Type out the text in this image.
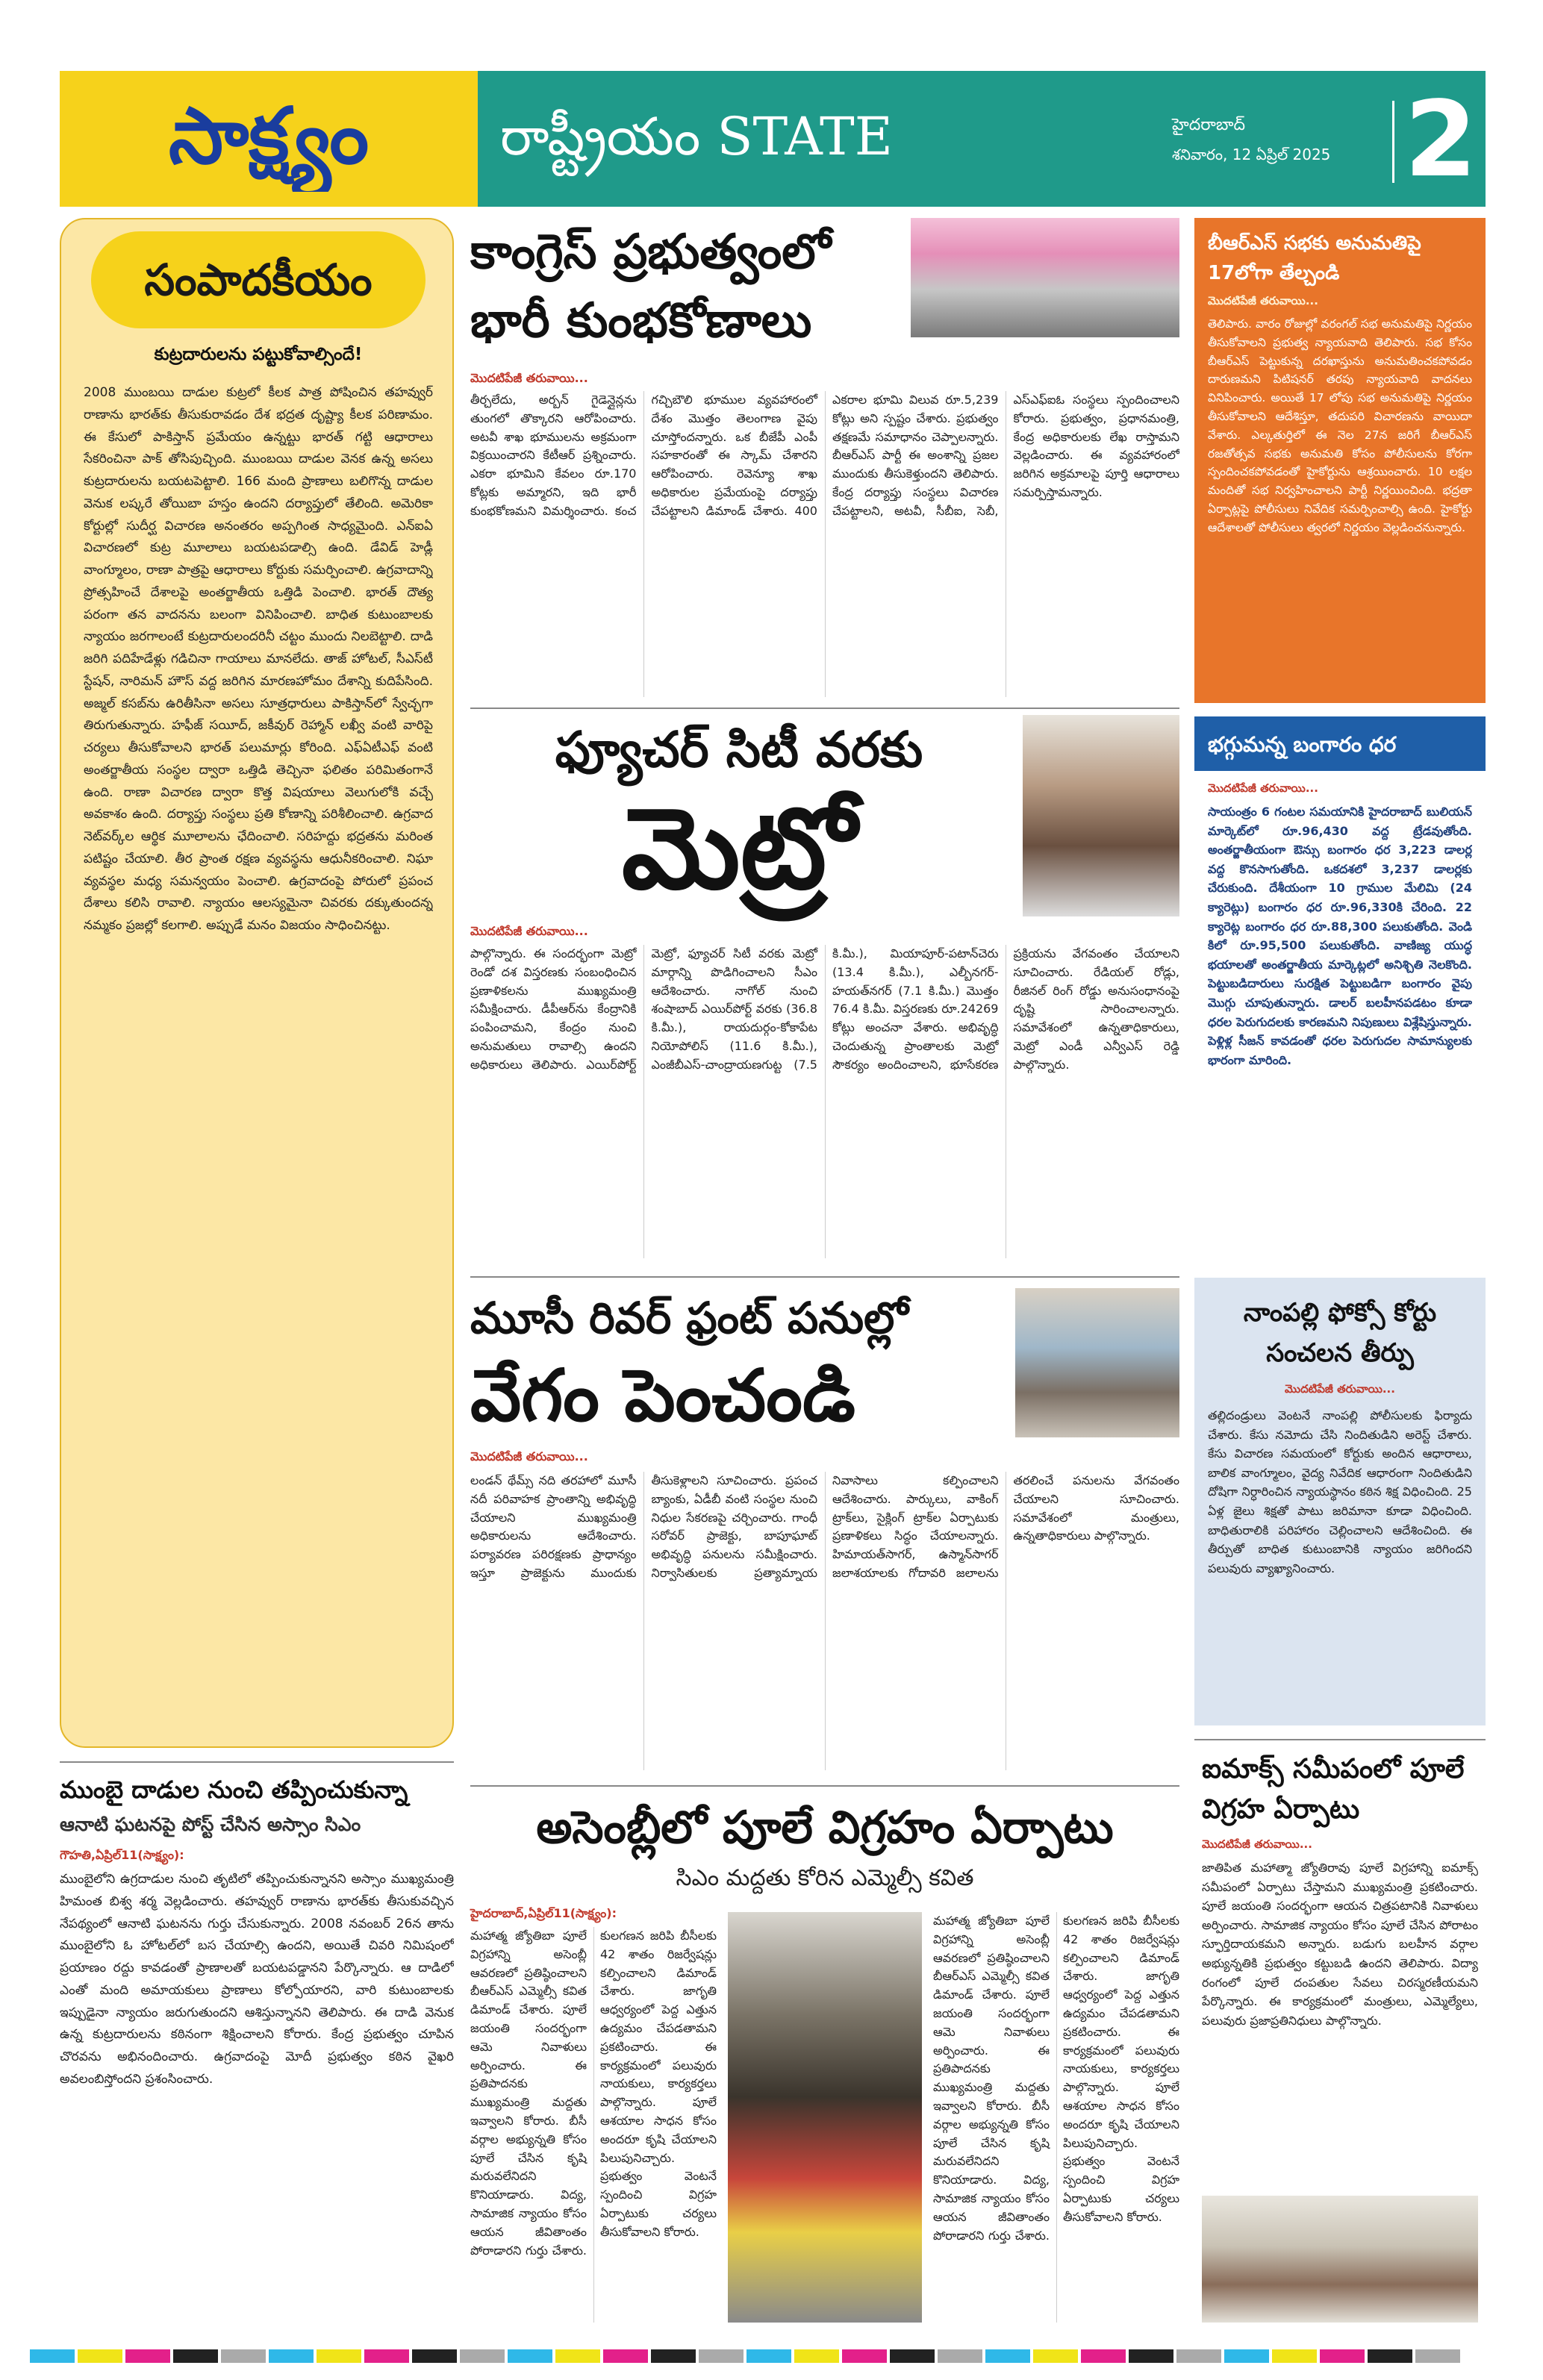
సాక్ష్యం	రాష్ట్రీయం STATE	హైదరాబాద్
శనివారం, 12 ఏప్రిల్ 2025 2
సంపాదకీయం
కుట్రదారులను పట్టుకోవాల్సిందే!
2008 ముంబయి దాడుల కుట్రలో కీలక పాత్ర పోషించిన తహవ్వుర్ రాణాను భారత్‌కు తీసుకురావడం దేశ భద్రత దృష్ట్యా కీలక పరిణామం. ఈ కేసులో పాకిస్తాన్ ప్రమేయం ఉన్నట్టు భారత్ గట్టి ఆధారాలు సేకరించినా పాక్ తోసిపుచ్చింది. ముంబయి దాడుల వెనక ఉన్న అసలు కుట్రదారులను బయటపెట్టాలి. 166 మంది ప్రాణాలు బలిగొన్న దాడుల వెనుక లష్కరే తోయిబా హస్తం ఉందని దర్యాప్తులో తేలింది. అమెరికా కోర్టుల్లో సుదీర్ఘ విచారణ అనంతరం అప్పగింత సాధ్యమైంది. ఎన్‌ఐఏ విచారణలో కుట్ర మూలాలు బయటపడాల్సి ఉంది. డేవిడ్ హెడ్లీ వాంగ్మూలం, రాణా పాత్రపై ఆధారాలు కోర్టుకు సమర్పించాలి. ఉగ్రవాదాన్ని ప్రోత్సహించే దేశాలపై అంతర్జాతీయ ఒత్తిడి పెంచాలి. భారత్ దౌత్య పరంగా తన వాదనను బలంగా వినిపించాలి. బాధిత కుటుంబాలకు న్యాయం జరగాలంటే కుట్రదారులందరినీ చట్టం ముందు నిలబెట్టాలి. దాడి జరిగి పదిహేడేళ్లు గడిచినా గాయాలు మానలేదు. తాజ్ హోటల్, సీఎస్‌టీ స్టేషన్, నారిమన్ హౌస్ వద్ద జరిగిన మారణహోమం దేశాన్ని కుదిపేసింది. అజ్మల్ కసబ్‌ను ఉరితీసినా అసలు సూత్రధారులు పాకిస్తాన్‌లో స్వేచ్ఛగా తిరుగుతున్నారు. హఫీజ్ సయీద్, జకీవుర్ రెహ్మాన్ లఖ్వీ వంటి వారిపై చర్యలు తీసుకోవాలని భారత్ పలుమార్లు కోరింది. ఎఫ్‌ఏటీఎఫ్ వంటి అంతర్జాతీయ సంస్థల ద్వారా ఒత్తిడి తెచ్చినా ఫలితం పరిమితంగానే ఉంది. రాణా విచారణ ద్వారా కొత్త విషయాలు వెలుగులోకి వచ్చే అవకాశం ఉంది. దర్యాప్తు సంస్థలు ప్రతి కోణాన్ని పరిశీలించాలి. ఉగ్రవాద నెట్‌వర్క్‌ల ఆర్థిక మూలాలను ఛేదించాలి. సరిహద్దు భద్రతను మరింత పటిష్టం చేయాలి. తీర ప్రాంత రక్షణ వ్యవస్థను ఆధునీకరించాలి. నిఘా వ్యవస్థల మధ్య సమన్వయం పెంచాలి. ఉగ్రవాదంపై పోరులో ప్రపంచ దేశాలు కలిసి రావాలి. న్యాయం ఆలస్యమైనా చివరకు దక్కుతుందన్న నమ్మకం ప్రజల్లో కలగాలి. అప్పుడే మనం విజయం సాధించినట్టు.
కాంగ్రెస్ ప్రభుత్వంలో భారీ కుంభకోణాలు
మొదటిపేజీ తరువాయి...
తీర్చలేదు, అర్బన్ గైడెన్లైన్లను తుంగలో తొక్కారని ఆరోపించారు. అటవీ శాఖ భూములను అక్రమంగా విక్రయించారని కేటీఆర్ ప్రశ్నించారు. ఎకరా భూమిని కేవలం రూ.170 కోట్లకు అమ్మారని, ఇది భారీ కుంభకోణమని విమర్శించారు. కంచ గచ్చిబౌలి భూముల వ్యవహారంలో దేశం మొత్తం తెలంగాణ వైపు చూస్తోందన్నారు. ఒక బీజేపీ ఎంపీ సహకారంతో ఈ స్కామ్ చేశారని ఆరోపించారు. రెవెన్యూ శాఖ అధికారుల ప్రమేయంపై దర్యాప్తు చేపట్టాలని డిమాండ్ చేశారు. 400 ఎకరాల భూమి విలువ రూ.5,239 కోట్లు అని స్పష్టం చేశారు. ప్రభుత్వం తక్షణమే సమాధానం చెప్పాలన్నారు. బీఆర్ఎస్ పార్టీ ఈ అంశాన్ని ప్రజల ముందుకు తీసుకెళ్తుందని తెలిపారు. కేంద్ర దర్యాప్తు సంస్థలు విచారణ చేపట్టాలని, అటవీ, సీబీఐ, సెబీ, ఎస్‌ఎఫ్‌ఐఓ సంస్థలు స్పందించాలని కోరారు. ప్రభుత్వం, ప్రధానమంత్రి, కేంద్ర అధికారులకు లేఖ రాస్తామని వెల్లడించారు. ఈ వ్యవహారంలో జరిగిన అక్రమాలపై పూర్తి ఆధారాలు సమర్పిస్తామన్నారు.
ఫ్యూచర్ సిటీ వరకు
మెట్రో
మొదటిపేజీ తరువాయి...
పాల్గొన్నారు. ఈ సందర్భంగా మెట్రో రెండో దశ విస్తరణకు సంబంధించిన ప్రణాళికలను ముఖ్యమంత్రి సమీక్షించారు. డీపీఆర్‌ను కేంద్రానికి పంపించామని, కేంద్రం నుంచి అనుమతులు రావాల్సి ఉందని అధికారులు తెలిపారు. ఎయిర్‌పోర్ట్ మెట్రో, ఫ్యూచర్ సిటీ వరకు మెట్రో మార్గాన్ని పొడిగించాలని సీఎం ఆదేశించారు. నాగోల్ నుంచి శంషాబాద్ ఎయిర్‌పోర్ట్ వరకు (36.8 కి.మీ.), రాయదుర్గం-కోకాపేట నియోపోలిస్ (11.6 కి.మీ.), ఎంజీబీఎస్-చాంద్రాయణగుట్ట (7.5 కి.మీ.), మియాపూర్-పటాన్‌చెరు (13.4 కి.మీ.), ఎల్బీనగర్-హయత్‌నగర్ (7.1 కి.మీ.) మొత్తం 76.4 కి.మీ. విస్తరణకు రూ.24269 కోట్లు అంచనా వేశారు. అభివృద్ధి చెందుతున్న ప్రాంతాలకు మెట్రో సౌకర్యం అందించాలని, భూసేకరణ ప్రక్రియను వేగవంతం చేయాలని సూచించారు. రేడియల్ రోడ్లు, రీజినల్ రింగ్ రోడ్డు అనుసంధానంపై దృష్టి సారించాలన్నారు. సమావేశంలో ఉన్నతాధికారులు, మెట్రో ఎండీ ఎన్వీఎస్ రెడ్డి పాల్గొన్నారు.
మూసీ రివర్ ఫ్రంట్ పనుల్లో
వేగం పెంచండి
మొదటిపేజీ తరువాయి...
లండన్ థేమ్స్ నది తరహాలో మూసీ నదీ పరివాహక ప్రాంతాన్ని అభివృద్ధి చేయాలని ముఖ్యమంత్రి అధికారులను ఆదేశించారు. పర్యావరణ పరిరక్షణకు ప్రాధాన్యం ఇస్తూ ప్రాజెక్టును ముందుకు తీసుకెళ్లాలని సూచించారు. ప్రపంచ బ్యాంకు, ఏడీబీ వంటి సంస్థల నుంచి నిధుల సేకరణపై చర్చించారు. గాంధీ సరోవర్ ప్రాజెక్టు, బాపూఘాట్ అభివృద్ధి పనులను సమీక్షించారు. నిర్వాసితులకు ప్రత్యామ్నాయ నివాసాలు కల్పించాలని ఆదేశించారు. పార్కులు, వాకింగ్ ట్రాక్‌లు, సైక్లింగ్ ట్రాక్‌ల ఏర్పాటుకు ప్రణాళికలు సిద్ధం చేయాలన్నారు. హిమాయత్‌సాగర్, ఉస్మాన్‌సాగర్ జలాశయాలకు గోదావరి జలాలను తరలించే పనులను వేగవంతం చేయాలని సూచించారు. సమావేశంలో మంత్రులు, ఉన్నతాధికారులు పాల్గొన్నారు.
ముంబై దాడుల నుంచి తప్పించుకున్నా
ఆనాటి ఘటనపై పోస్ట్ చేసిన అస్సాం సిఎం
గౌహతి,ఏప్రిల్11(సాక్ష్యం):
ముంబైలోని ఉగ్రదాడుల నుంచి తృటిలో తప్పించుకున్నానని అస్సాం ముఖ్యమంత్రి హిమంత బిశ్వ శర్మ వెల్లడించారు. తహవ్వుర్ రాణాను భారత్‌కు తీసుకువచ్చిన నేపథ్యంలో ఆనాటి ఘటనను గుర్తు చేసుకున్నారు. 2008 నవంబర్ 26న తాను ముంబైలోని ఓ హోటల్‌లో బస చేయాల్సి ఉందని, అయితే చివరి నిమిషంలో ప్రయాణం రద్దు కావడంతో ప్రాణాలతో బయటపడ్డానని పేర్కొన్నారు. ఆ దాడిలో ఎంతో మంది అమాయకులు ప్రాణాలు కోల్పోయారని, వారి కుటుంబాలకు ఇప్పుడైనా న్యాయం జరుగుతుందని ఆశిస్తున్నానని తెలిపారు. ఈ దాడి వెనుక ఉన్న కుట్రదారులను కఠినంగా శిక్షించాలని కోరారు. కేంద్ర ప్రభుత్వం చూపిన చొరవను అభినందించారు. ఉగ్రవాదంపై మోదీ ప్రభుత్వం కఠిన వైఖరి అవలంబిస్తోందని ప్రశంసించారు.
అసెంబ్లీలో పూలే విగ్రహం ఏర్పాటు
సిఎం మద్దతు కోరిన ఎమ్మెల్సీ కవిత
హైదరాబాద్,ఏప్రిల్11(సాక్ష్యం):
మహాత్మ జ్యోతిబా పూలే విగ్రహాన్ని అసెంబ్లీ ఆవరణలో ప్రతిష్ఠించాలని బీఆర్‌ఎస్ ఎమ్మెల్సీ కవిత డిమాండ్ చేశారు. పూలే జయంతి సందర్భంగా ఆమె నివాళులు అర్పించారు. ఈ ప్రతిపాదనకు ముఖ్యమంత్రి మద్దతు ఇవ్వాలని కోరారు. బీసీ వర్గాల అభ్యున్నతి కోసం పూలే చేసిన కృషి మరువలేనిదని కొనియాడారు. విద్య, సామాజిక న్యాయం కోసం ఆయన జీవితాంతం పోరాడారని గుర్తు చేశారు. కులగణన జరిపి బీసీలకు 42 శాతం రిజర్వేషన్లు కల్పించాలని డిమాండ్ చేశారు. జాగృతి ఆధ్వర్యంలో పెద్ద ఎత్తున ఉద్యమం చేపడతామని ప్రకటించారు. ఈ కార్యక్రమంలో పలువురు నాయకులు, కార్యకర్తలు పాల్గొన్నారు. పూలే ఆశయాల సాధన కోసం అందరూ కృషి చేయాలని పిలుపునిచ్చారు. ప్రభుత్వం వెంటనే స్పందించి విగ్రహ ఏర్పాటుకు చర్యలు తీసుకోవాలని కోరారు.
మహాత్మ జ్యోతిబా పూలే విగ్రహాన్ని అసెంబ్లీ ఆవరణలో ప్రతిష్ఠించాలని బీఆర్‌ఎస్ ఎమ్మెల్సీ కవిత డిమాండ్ చేశారు. పూలే జయంతి సందర్భంగా ఆమె నివాళులు అర్పించారు. ఈ ప్రతిపాదనకు ముఖ్యమంత్రి మద్దతు ఇవ్వాలని కోరారు. బీసీ వర్గాల అభ్యున్నతి కోసం పూలే చేసిన కృషి మరువలేనిదని కొనియాడారు. విద్య, సామాజిక న్యాయం కోసం ఆయన జీవితాంతం పోరాడారని గుర్తు చేశారు. కులగణన జరిపి బీసీలకు 42 శాతం రిజర్వేషన్లు కల్పించాలని డిమాండ్ చేశారు. జాగృతి ఆధ్వర్యంలో పెద్ద ఎత్తున ఉద్యమం చేపడతామని ప్రకటించారు. ఈ కార్యక్రమంలో పలువురు నాయకులు, కార్యకర్తలు పాల్గొన్నారు. పూలే ఆశయాల సాధన కోసం అందరూ కృషి చేయాలని పిలుపునిచ్చారు. ప్రభుత్వం వెంటనే స్పందించి విగ్రహ ఏర్పాటుకు చర్యలు తీసుకోవాలని కోరారు.
బీఆర్‌ఎస్ సభకు అనుమతిపై 17లోగా తేల్చండి
మొదటిపేజీ తరువాయి...
తెలిపారు. వారం రోజుల్లో వరంగల్ సభ అనుమతిపై నిర్ణయం తీసుకోవాలని ప్రభుత్వ న్యాయవాది తెలిపారు. సభ కోసం బీఆర్‌ఎస్ పెట్టుకున్న దరఖాస్తును అనుమతించకపోవడం దారుణమని పిటిషనర్ తరపు న్యాయవాది వాదనలు వినిపించారు. అయితే 17 లోపు సభ అనుమతిపై నిర్ణయం తీసుకోవాలని ఆదేశిస్తూ, తదుపరి విచారణను వాయిదా వేశారు. ఎల్కతుర్తిలో ఈ నెల 27న జరిగే బీఆర్‌ఎస్ రజతోత్సవ సభకు అనుమతి కోసం పోలీసులను కోరగా స్పందించకపోవడంతో హైకోర్టును ఆశ్రయించారు. 10 లక్షల మందితో సభ నిర్వహించాలని పార్టీ నిర్ణయించింది. భద్రతా ఏర్పాట్లపై పోలీసులు నివేదిక సమర్పించాల్సి ఉంది. హైకోర్టు ఆదేశాలతో పోలీసులు త్వరలో నిర్ణయం వెల్లడించనున్నారు.
భగ్గుమన్న బంగారం ధర
మొదటిపేజీ తరువాయి...
సాయంత్రం 6 గంటల సమయానికి హైదరాబాద్ బులియన్ మార్కెట్‌లో రూ.96,430 వద్ద ట్రేడవుతోంది. అంతర్జాతీయంగా ఔన్సు బంగారం ధర 3,223 డాలర్ల వద్ద కొనసాగుతోంది. ఒకదశలో 3,237 డాలర్లకు చేరుకుంది. దేశీయంగా 10 గ్రాముల మేలిమి (24 క్యారెట్లు) బంగారం ధర రూ.96,330కి చేరింది. 22 క్యారెట్ల బంగారం ధర రూ.88,300 పలుకుతోంది. వెండి కిలో రూ.95,500 పలుకుతోంది. వాణిజ్య యుద్ధ భయాలతో అంతర్జాతీయ మార్కెట్లలో అనిశ్చితి నెలకొంది. పెట్టుబడిదారులు సురక్షిత పెట్టుబడిగా బంగారం వైపు మొగ్గు చూపుతున్నారు. డాలర్ బలహీనపడటం కూడా ధరల పెరుగుదలకు కారణమని నిపుణులు విశ్లేషిస్తున్నారు. పెళ్లిళ్ల సీజన్ కావడంతో ధరల పెరుగుదల సామాన్యులకు భారంగా మారింది.
నాంపల్లి ఫోక్సో కోర్టు సంచలన తీర్పు
మొదటిపేజీ తరువాయి...
తల్లిదండ్రులు వెంటనే నాంపల్లి పోలీసులకు ఫిర్యాదు చేశారు. కేసు నమోదు చేసి నిందితుడిని అరెస్ట్ చేశారు. కేసు విచారణ సమయంలో కోర్టుకు అందిన ఆధారాలు, బాలిక వాంగ్మూలం, వైద్య నివేదిక ఆధారంగా నిందితుడిని దోషిగా నిర్ధారించిన న్యాయస్థానం కఠిన శిక్ష విధించింది. 25 ఏళ్ల జైలు శిక్షతో పాటు జరిమానా కూడా విధించింది. బాధితురాలికి పరిహారం చెల్లించాలని ఆదేశించింది. ఈ తీర్పుతో బాధిత కుటుంబానికి న్యాయం జరిగిందని పలువురు వ్యాఖ్యానించారు.
ఐమాక్స్ సమీపంలో పూలే విగ్రహ ఏర్పాటు
మొదటిపేజీ తరువాయి...
జాతిపిత మహాత్మా జ్యోతిరావు పూలే విగ్రహాన్ని ఐమాక్స్ సమీపంలో ఏర్పాటు చేస్తామని ముఖ్యమంత్రి ప్రకటించారు. పూలే జయంతి సందర్భంగా ఆయన చిత్రపటానికి నివాళులు అర్పించారు. సామాజిక న్యాయం కోసం పూలే చేసిన పోరాటం స్ఫూర్తిదాయకమని అన్నారు. బడుగు బలహీన వర్గాల అభ్యున్నతికి ప్రభుత్వం కట్టుబడి ఉందని తెలిపారు. విద్యా రంగంలో పూలే దంపతుల సేవలు చిరస్మరణీయమని పేర్కొన్నారు. ఈ కార్యక్రమంలో మంత్రులు, ఎమ్మెల్యేలు, పలువురు ప్రజాప్రతినిధులు పాల్గొన్నారు.
